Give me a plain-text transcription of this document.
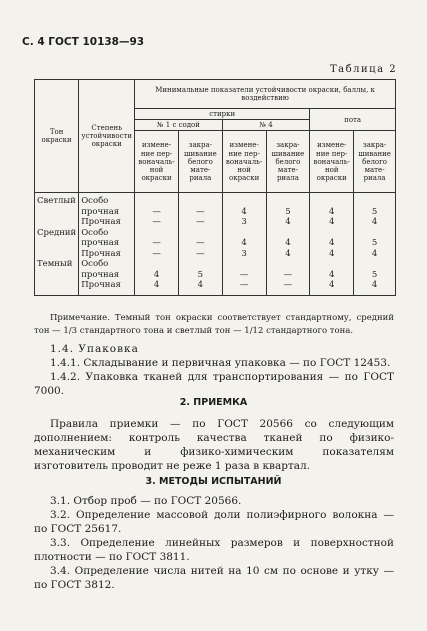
С. 4 ГОСТ 10138—93
Таблица 2
Тон окраски	Степень устойчивости окраски	Минимальные показатели устойчивости окраски, баллы, к воздействию					
		стирки				пота	
		№ 1 с содой		№ 4			
		измене-ние пер-воначаль-ной окраски	закра-шивание белого мате-риала	измене-ние пер-воначаль-ной окраски	закра-шивание белого мате-риала	измене-ние пер-воначаль-ной окраски	закра-шивание белого мате-риала
Светлый	Особо						
	прочная	—	—	4	5	4	5
	Прочная	—	—	3	4	4	4
Средний	Особо						
	прочная	—	—	4	4	4	5
	Прочная	—	—	3	4	4	4
Темный	Особо						
	прочная	4	5	—	—	4	5
	Прочная	4	4	—	—	4	4
Примечание. Темный тон окраски соответствует стандартному, средний тон — 1/3 стандартного тона и светлый тон — 1/12 стандартного тона.
1.4. Упаковка
1.4.1. Складывание и первичная упаковка — по ГОСТ 12453.
1.4.2. Упаковка тканей для транспортирования — по ГОСТ 7000.
2. ПРИЕМКА
Правила приемки — по ГОСТ 20566 со следующим дополнением: контроль качества тканей по физико-механическим и физико-химическим показателям изготовитель проводит не реже 1 раза в квартал.
3. МЕТОДЫ ИСПЫТАНИЙ
3.1. Отбор проб — по ГОСТ 20566.
3.2. Определение массовой доли полиэфирного волокна — по ГОСТ 25617.
3.3. Определение линейных размеров и поверхностной плотности — по ГОСТ 3811.
3.4. Определение числа нитей на 10 см по основе и утку — по ГОСТ 3812.
